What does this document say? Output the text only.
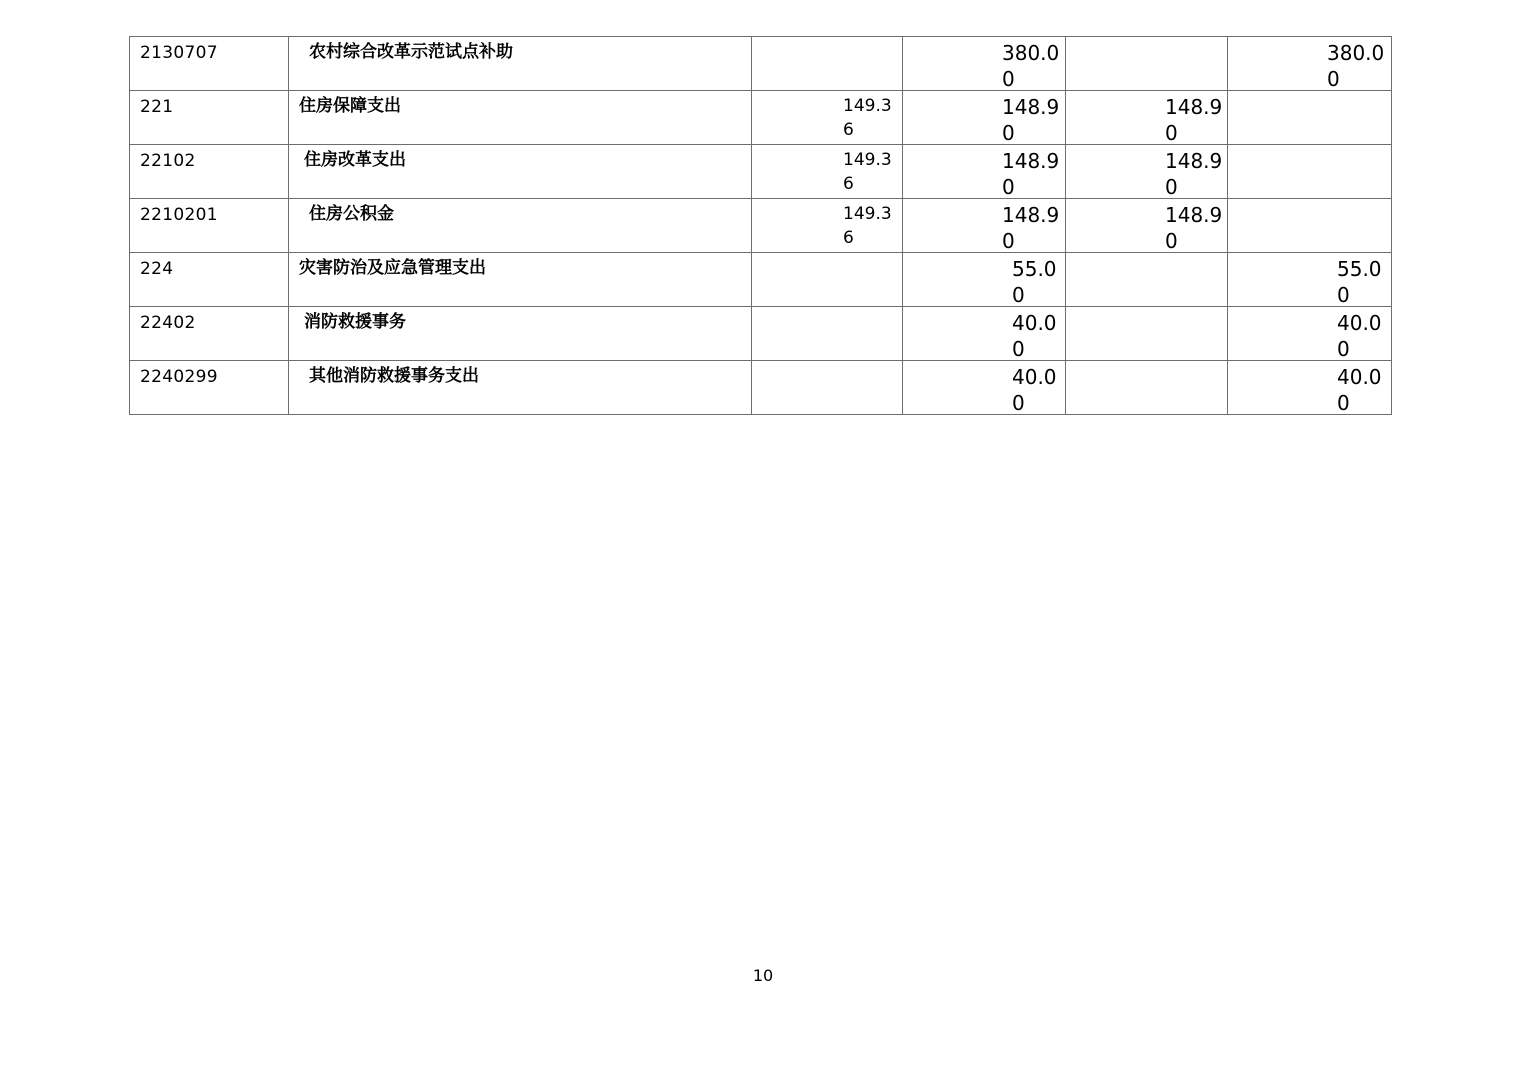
2130707	农村综合改革示范试点补助		380.00		380.00

221	住房保障支出	149.36	148.90	148.90	

22102	住房改革支出	149.36	148.90	148.90	

2210201	住房公积金	149.36	148.90	148.90	

224	灾害防治及应急管理支出		55.00		55.00

22402	消防救援事务		40.00		40.00

2240299	其他消防救援事务支出		40.00		40.00
10
